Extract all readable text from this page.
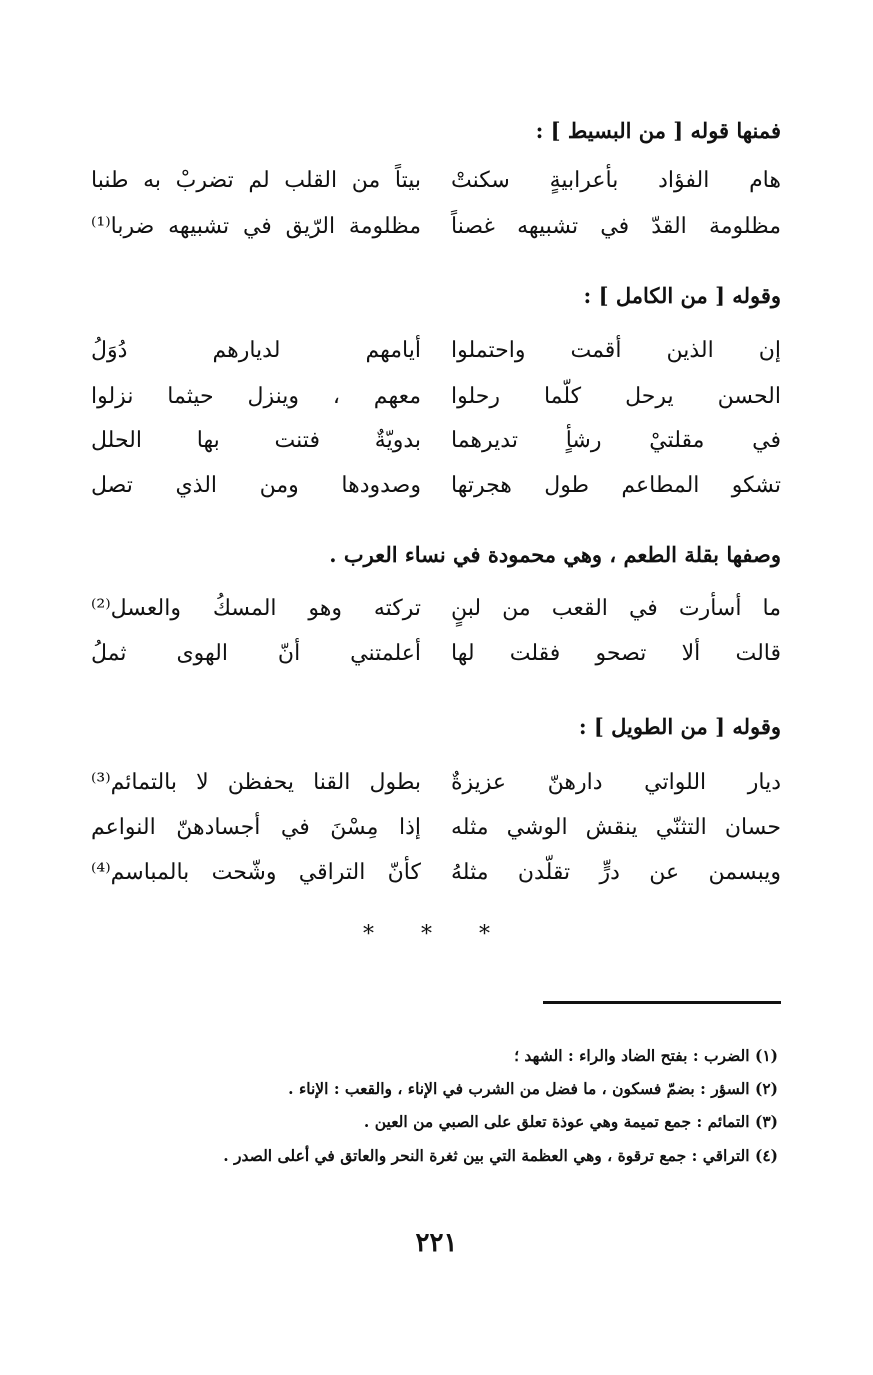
فمنها قوله [ من البسيط ] :
هام الفؤاد بأعرابيةٍ سكنتْ
بيتاً من القلب لم تضربْ به طنبا
مظلومة القدّ في تشبيهه غصناً
مظلومة الرّيق في تشبيهه ضربا⁽¹⁾
وقوله [ من الكامل ] :
إن الذين أقمت واحتملوا
أيامهم لديارهم دُوَلُ
الحسن يرحل كلّما رحلوا
معهم ، وينزل حيثما نزلوا
في مقلتيْ رشأٍ تديرهما
بدويّةٌ فتنت بها الحلل
تشكو المطاعم طول هجرتها
وصدودها ومن الذي تصل
وصفها بقلة الطعم ، وهي محمودة في نساء العرب .
ما أسأرت في القعب من لبنٍ
تركته وهو المسكُ والعسل⁽²⁾
قالت ألا تصحو فقلت لها
أعلمتني أنّ الهوى ثملُ
وقوله [ من الطويل ] :
ديار اللواتي دارهنّ عزيزةٌ
بطول القنا يحفظن لا بالتمائم⁽³⁾
حسان التثنّي ينقش الوشي مثله
إذا مِسْنَ في أجسادهنّ النواعم
ويبسمن عن درٍّ تقلّدن مثلهُ
كأنّ التراقي وشّحت بالمباسم⁽⁴⁾
* * *
(١) الضرب : بفتح الضاد والراء : الشهد ؛
(٢) السؤر : بضمّ فسكون ، ما فضل من الشرب في الإناء ، والقعب : الإناء .
(٣) التمائم : جمع تميمة وهي عوذة تعلق على الصبي من العين .
(٤) التراقي : جمع ترقوة ، وهي العظمة التي بين ثغرة النحر والعاتق في أعلى الصدر .
٢٢١
